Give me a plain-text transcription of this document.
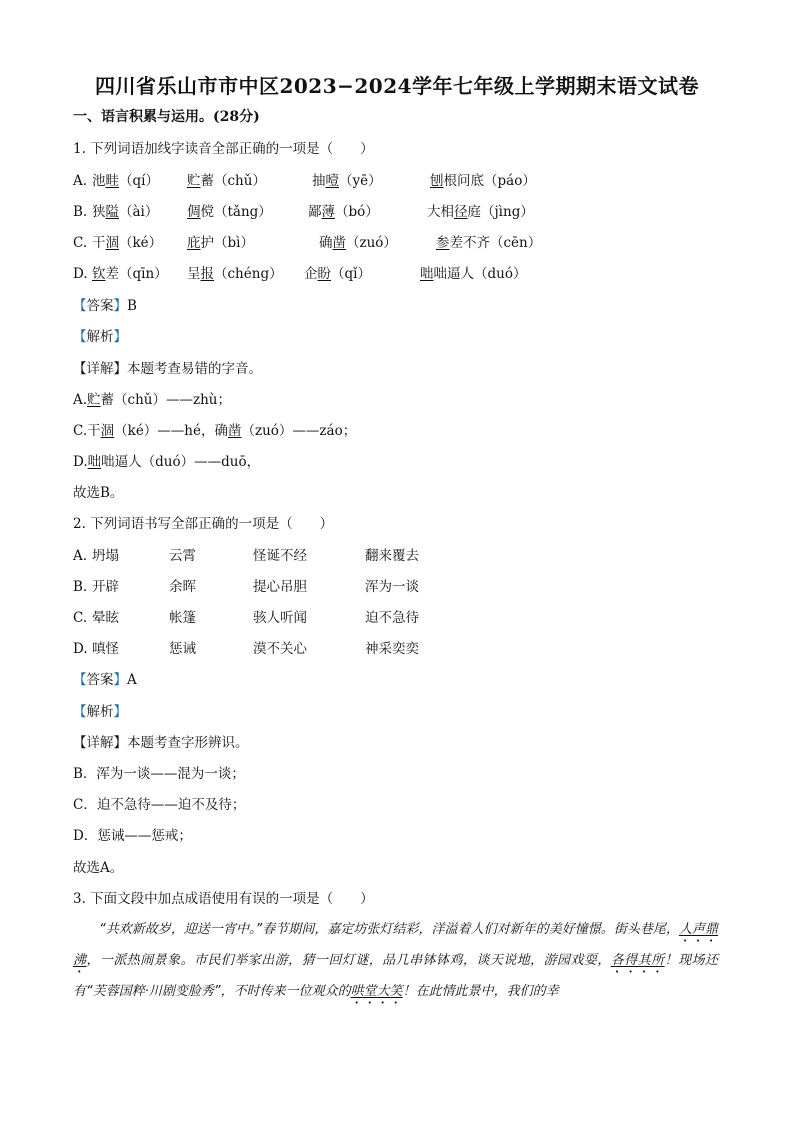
四川省乐山市市中区2023−2024学年七年级上学期期末语文试卷
一、语言积累与运用。(28分)
1. 下列词语加线字读音全部正确的一项是（　　）
A. 池畦（qí） 贮蓄（chǔ）	抽噎（yē）	刨根问底（páo）
B. 狭隘（ài） 倜傥（tǎng）	鄙薄（bó）	大相径庭（jìng）
C. 干涸（ké） 庇护（bì）	确凿（zuó）	参差不齐（cēn）
D. 钦差（qīn） 呈报（chéng） 企盼（qǐ）	咄咄逼人（duó）
【答案】B
【解析】
【详解】本题考查易错的字音。
A.贮蓄（chǔ）——zhù；
C.干涸（ké）——hé，确凿（zuó）——záo；
D.咄咄逼人（duó）——duō，
故选B。
2. 下列词语书写全部正确的一项是（　　）
A. 坍塌	云霄	怪诞不经	翻来覆去
B. 开辟	余晖	提心吊胆	浑为一谈
C. 晕眩	帐篷	骇人听闻	迫不急待
D. 嗔怪	惩诫	漠不关心	神采奕奕
【答案】A
【解析】
【详解】本题考查字形辨识。
B．浑为一谈——混为一谈；
C．迫不急待——迫不及待；
D．惩诫——惩戒；
故选A。
3. 下面文段中加点成语使用有误的一项是（　　）
“共欢新故岁，迎送一宵中。”春节期间，嘉定坊张灯结彩，洋溢着人们对新年的美好憧憬。街头巷尾，人声鼎沸，一派热闹景象。市民们举家出游，猜一回灯谜，品几串钵钵鸡，谈天说地，游园戏耍，各得其所！现场还有“芙蓉国粹·川剧变脸秀”，不时传来一位观众的哄堂大笑！在此情此景中，我们的幸
